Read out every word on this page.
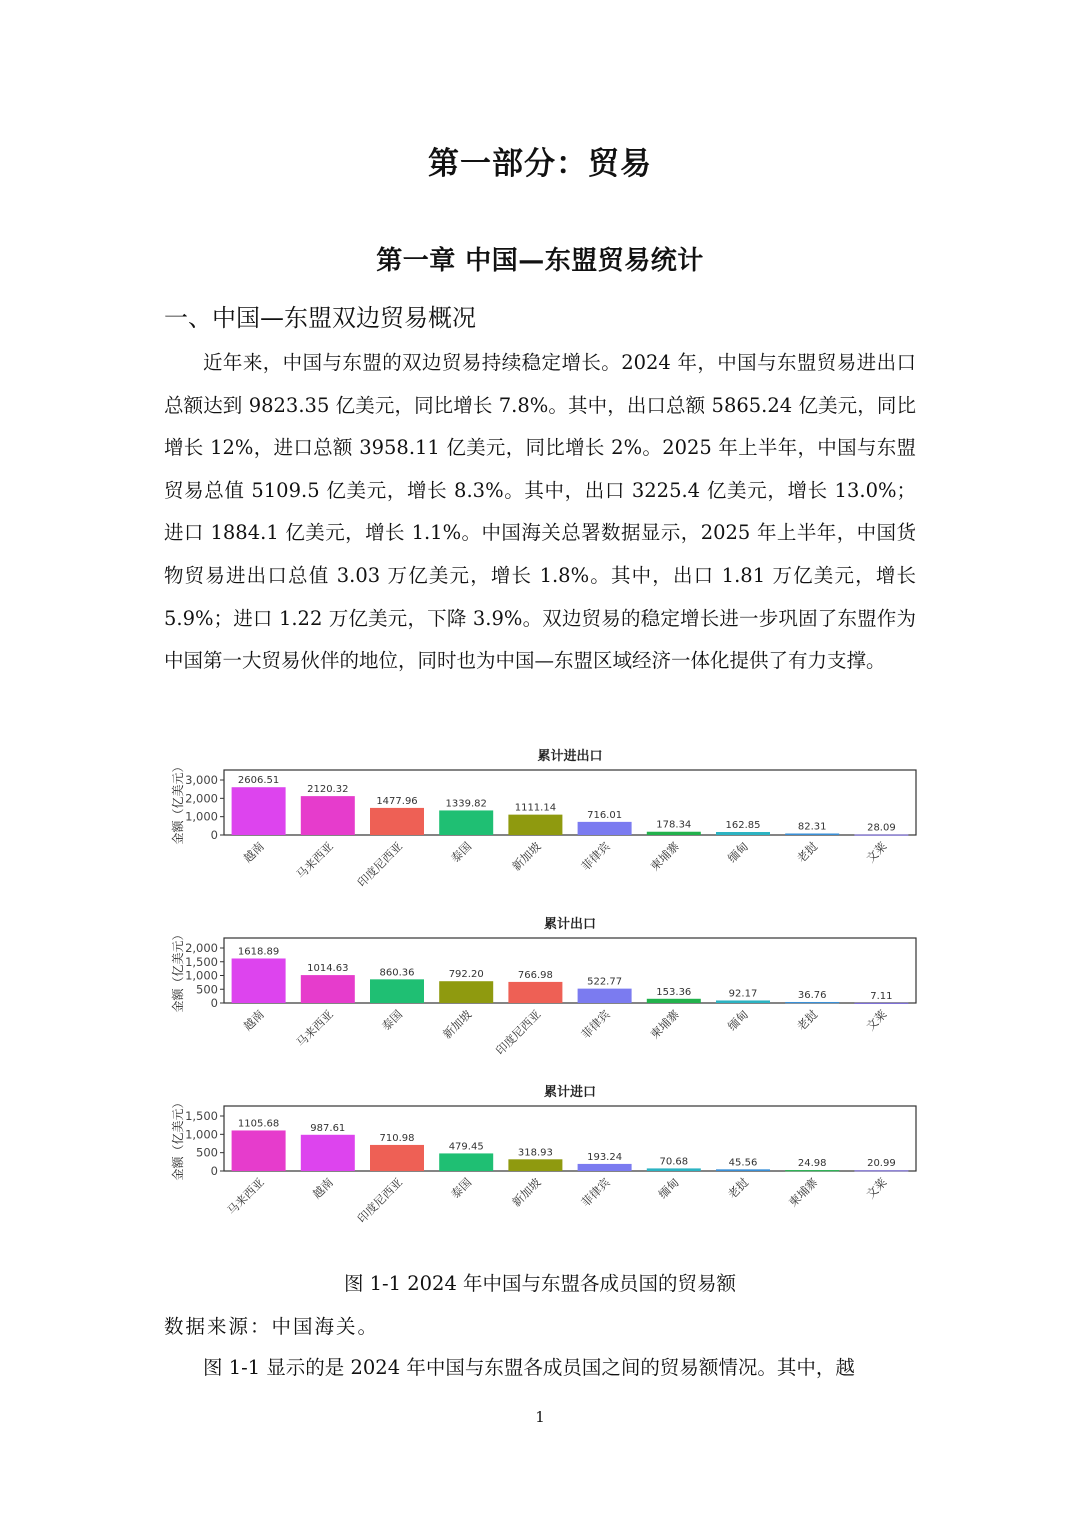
第一部分：贸易
第一章 中国—东盟贸易统计
一、中国—东盟双边贸易概况
近年来，中国与东盟的双边贸易持续稳定增长。2024 年，中国与东盟贸易进出口总额达到 9823.35 亿美元，同比增长 7.8%。其中，出口总额 5865.24 亿美元，同比增长 12%，进口总额 3958.11 亿美元，同比增长 2%。2025 年上半年，中国与东盟贸易总值 5109.5 亿美元，增长 8.3%。其中，出口 3225.4 亿美元，增长 13.0%；进口 1884.1 亿美元，增长 1.1%。中国海关总署数据显示，2025 年上半年，中国货物贸易进出口总值 3.03 万亿美元，增长 1.8%。其中，出口 1.81 万亿美元，增长 5.9%；进口 1.22 万亿美元，下降 3.9%。双边贸易的稳定增长进一步巩固了东盟作为中国第一大贸易伙伴的地位，同时也为中国—东盟区域经济一体化提供了有力支撑。
累计进出口
金额（亿美元） 0
1,000
2,000
3,000 2606.51
越南
2120.32
马来西亚
1477.96
印度尼西亚
1339.82
泰国
1111.14
新加坡
716.01
菲律宾
178.34
柬埔寨
162.85
缅甸
82.31
老挝
28.09
文莱
累计出口
金额（亿美元） 0
500
1,000
1,500
2,000 1618.89
越南
1014.63
马来西亚
860.36
泰国
792.20
新加坡
766.98
印度尼西亚
522.77
菲律宾
153.36
柬埔寨
92.17
缅甸
36.76
老挝
7.11
文莱
累计进口
金额（亿美元） 0
500
1,000
1,500
1105.68
马来西亚
987.61
越南
710.98
印度尼西亚
479.45
泰国
318.93
新加坡
193.24
菲律宾
70.68
缅甸
45.56
老挝
24.98
柬埔寨
20.99
文莱
图 1-1 2024 年中国与东盟各成员国的贸易额
数据来源：中国海关。
图 1-1 显示的是 2024 年中国与东盟各成员国之间的贸易额情况。其中，越
1
